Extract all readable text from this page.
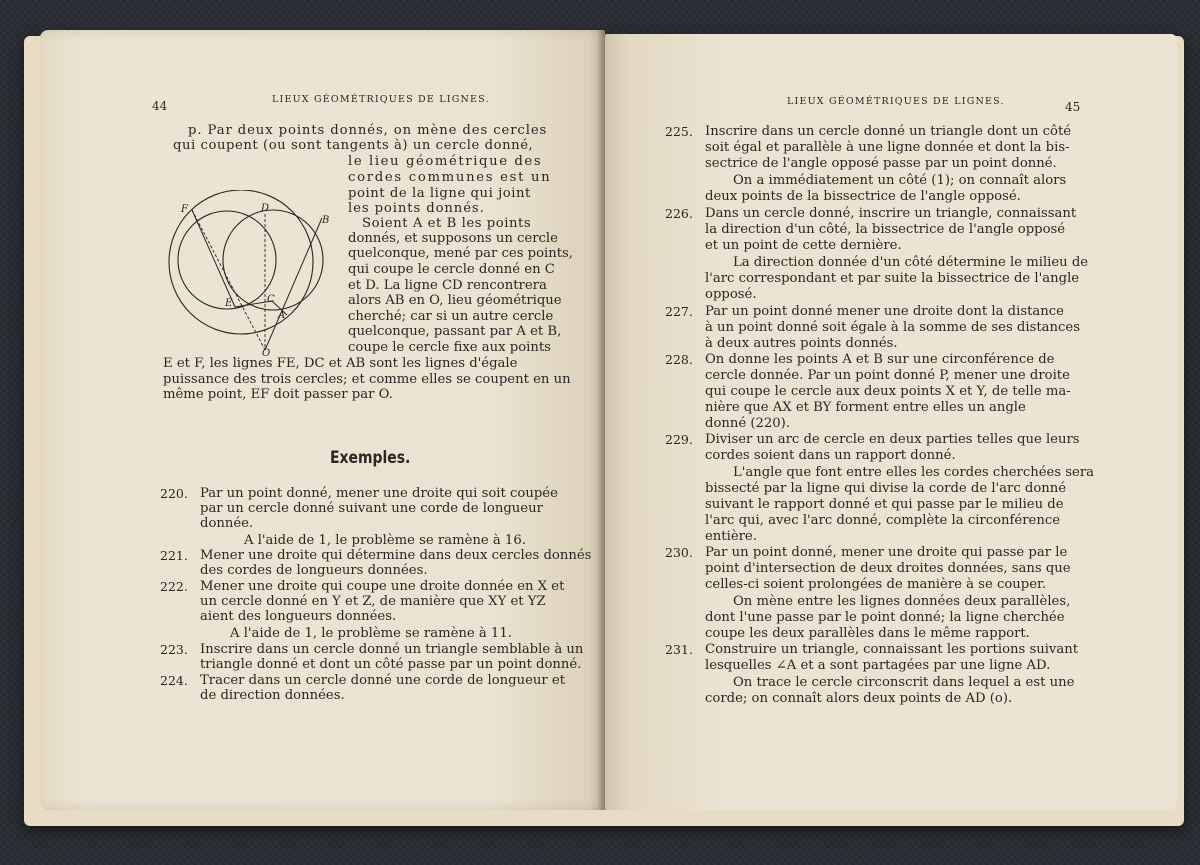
44	LIEUX GÉOMÉTRIQUES DE LIGNES.
p. Par deux points donnés, on mène des cercles
qui coupent (ou sont tangents à) un cercle donné,
le lieu géométrique des
cordes communes est un
point de la ligne qui joint
les points donnés.
Soient A et B les points
donnés, et supposons un cercle
quelconque, mené par ces points,
qui coupe le cercle donné en C
et D. La ligne CD rencontrera
alors AB en O, lieu géométrique
cherché; car si un autre cercle
quelconque, passant par A et B,
coupe le cercle fixe aux points
E et F, les lignes FE, DC et AB sont les lignes d'égale
puissance des trois cercles; et comme elles se coupent en un
même point, EF doit passer par O.
Exemples.
220. Par un point donné, mener une droite qui soit coupée
par un cercle donné suivant une corde de longueur
donnée.
A l'aide de 1, le problème se ramène à 16.
221. Mener une droite qui détermine dans deux cercles donnés
des cordes de longueurs données.
222. Mener une droite qui coupe une droite donnée en X et
un cercle donné en Y et Z, de manière que XY et YZ
aient des longueurs données.
A l'aide de 1, le problème se ramène à 11.
223. Inscrire dans un cercle donné un triangle semblable à un
triangle donné et dont un côté passe par un point donné.
224. Tracer dans un cercle donné une corde de longueur et
de direction données.
F	D
B
E	C
A
O
LIEUX GÉOMÉTRIQUES DE LIGNES.	45
225. Inscrire dans un cercle donné un triangle dont un côté
soit égal et parallèle à une ligne donnée et dont la bis-
sectrice de l'angle opposé passe par un point donné.
On a immédiatement un côté (1); on connaît alors
deux points de la bissectrice de l'angle opposé.
226. Dans un cercle donné, inscrire un triangle, connaissant
la direction d'un côté, la bissectrice de l'angle opposé
et un point de cette dernière.
La direction donnée d'un côté détermine le milieu de
l'arc correspondant et par suite la bissectrice de l'angle
opposé.
227. Par un point donné mener une droite dont la distance
à un point donné soit égale à la somme de ses distances
à deux autres points donnés.
228. On donne les points A et B sur une circonférence de
cercle donnée. Par un point donné P, mener une droite
qui coupe le cercle aux deux points X et Y, de telle ma-
nière que AX et BY forment entre elles un angle
donné (220).
229. Diviser un arc de cercle en deux parties telles que leurs
cordes soient dans un rapport donné.
L'angle que font entre elles les cordes cherchées sera
bissecté par la ligne qui divise la corde de l'arc donné
suivant le rapport donné et qui passe par le milieu de
l'arc qui, avec l'arc donné, complète la circonférence
entière.
230. Par un point donné, mener une droite qui passe par le
point d'intersection de deux droites données, sans que
celles-ci soient prolongées de manière à se couper.
On mène entre les lignes données deux parallèles,
dont l'une passe par le point donné; la ligne cherchée
coupe les deux parallèles dans le même rapport.
231. Construire un triangle, connaissant les portions suivant
lesquelles ∠A et a sont partagées par une ligne AD.
On trace le cercle circonscrit dans lequel a est une
corde; on connaît alors deux points de AD (o).
